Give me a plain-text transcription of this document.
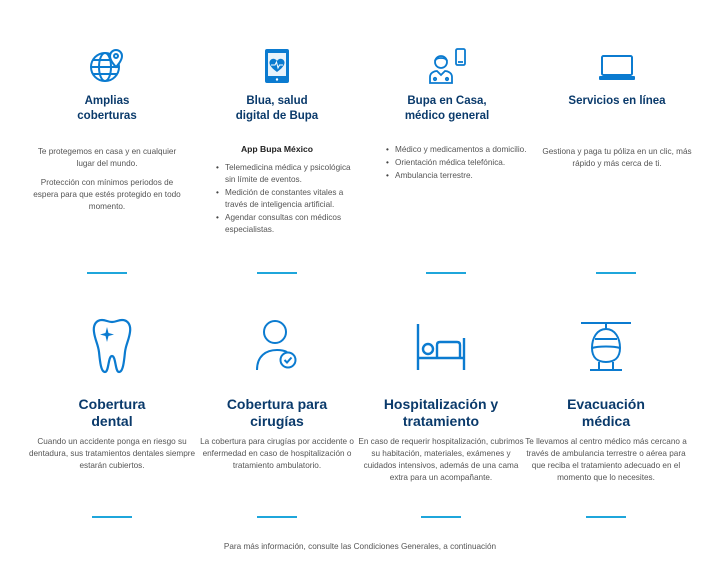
Amplias
coberturas

Te protegemos en casa y en cualquier lugar del mundo.

Protección con mínimos periodos de espera para que estés protegido en todo momento.

Blua, salud
digital de Bupa
App Bupa México
• Telemedicina médica y psicológica sin límite de eventos.
• Medición de constantes vitales a través de inteligencia artificial.
• Agendar consultas con médicos especialistas.
Bupa en Casa,
médico general
• Médico y medicamentos a domicilio.
• Orientación médica telefónica.
• Ambulancia terrestre.
Servicios en línea

Gestiona y paga tu póliza en un clic, más rápido y más cerca de ti.

Cobertura
dental

Cuando un accidente ponga en riesgo su dentadura, sus tratamientos dentales siempre estarán cubiertos.

Cobertura para
cirugías

La cobertura para cirugías por accidente o enfermedad en caso de hospitalización o tratamiento ambulatorio.

Hospitalización y
tratamiento

En caso de requerir hospitalización, cubrimos su habitación, materiales, exámenes y cuidados intensivos, además de una cama extra para un acompañante.

Evacuación
médica

Te llevamos al centro médico más cercano a través de ambulancia terrestre o aérea para que reciba el tratamiento adecuado en el momento que lo necesites.

Para más información, consulte las Condiciones Generales, a continuación
